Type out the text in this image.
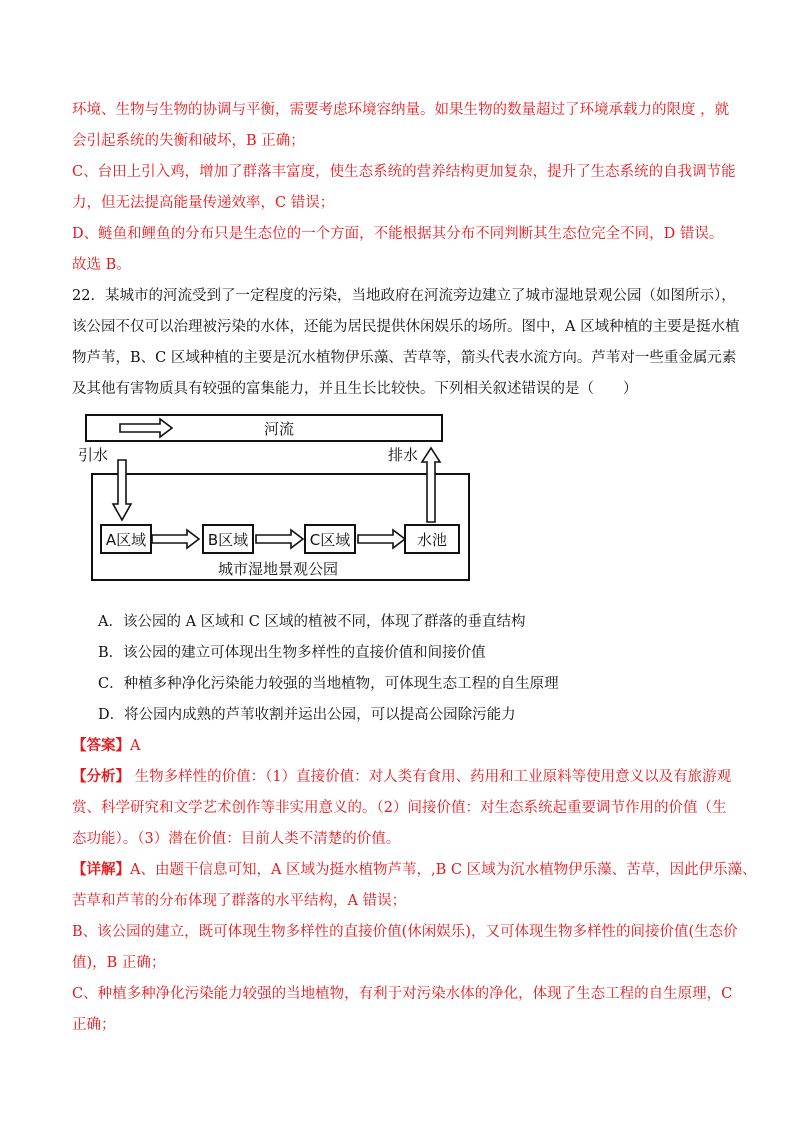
环境、生物与生物的协调与平衡，需要考虑环境容纳量。如果生物的数量超过了环境承载力的限度 ，就
会引起系统的失衡和破坏，B 正确；
C、台田上引入鸡，增加了群落丰富度，使生态系统的营养结构更加复杂，提升了生态系统的自我调节能
力，但无法提高能量传递效率，C 错误；
D、鲢鱼和鲤鱼的分布只是生态位的一个方面，不能根据其分布不同判断其生态位完全不同，D 错误。
故选 B。
22．某城市的河流受到了一定程度的污染，当地政府在河流旁边建立了城市湿地景观公园（如图所示），
该公园不仅可以治理被污染的水体，还能为居民提供休闲娱乐的场所。图中，A 区域种植的主要是挺水植
物芦苇，B、C 区域种植的主要是沉水植物伊乐藻、苦草等，箭头代表水流方向。芦苇对一些重金属元素
及其他有害物质具有较强的富集能力，并且生长比较快。下列相关叙述错误的是（　　）
河流
引水	排水
A区域	B区域	C区域	水池
城市湿地景观公园
A．该公园的 A 区域和 C 区域的植被不同，体现了群落的垂直结构
B．该公园的建立可体现出生物多样性的直接价值和间接价值
C．种植多种净化污染能力较强的当地植物，可体现生态工程的自生原理
D．将公园内成熟的芦苇收割并运出公园，可以提高公园除污能力
【答案】A
【分析】 生物多样性的价值：（1）直接价值：对人类有食用、药用和工业原料等使用意义以及有旅游观
赏、科学研究和文学艺术创作等非实用意义的。（2）间接价值：对生态系统起重要调节作用的价值（生
态功能）。（3）潜在价值：目前人类不清楚的价值。
【详解】A、由题干信息可知，A 区域为挺水植物芦苇，,B C 区域为沉水植物伊乐藻、苦草，因此伊乐藻、
苦草和芦苇的分布体现了群落的水平结构，A 错误；
B、该公园的建立，既可体现生物多样性的直接价值(休闲娱乐)，又可体现生物多样性的间接价值(生态价
值)，B 正确；
C、种植多种净化污染能力较强的当地植物，有利于对污染水体的净化，体现了生态工程的自生原理，C
正确；
